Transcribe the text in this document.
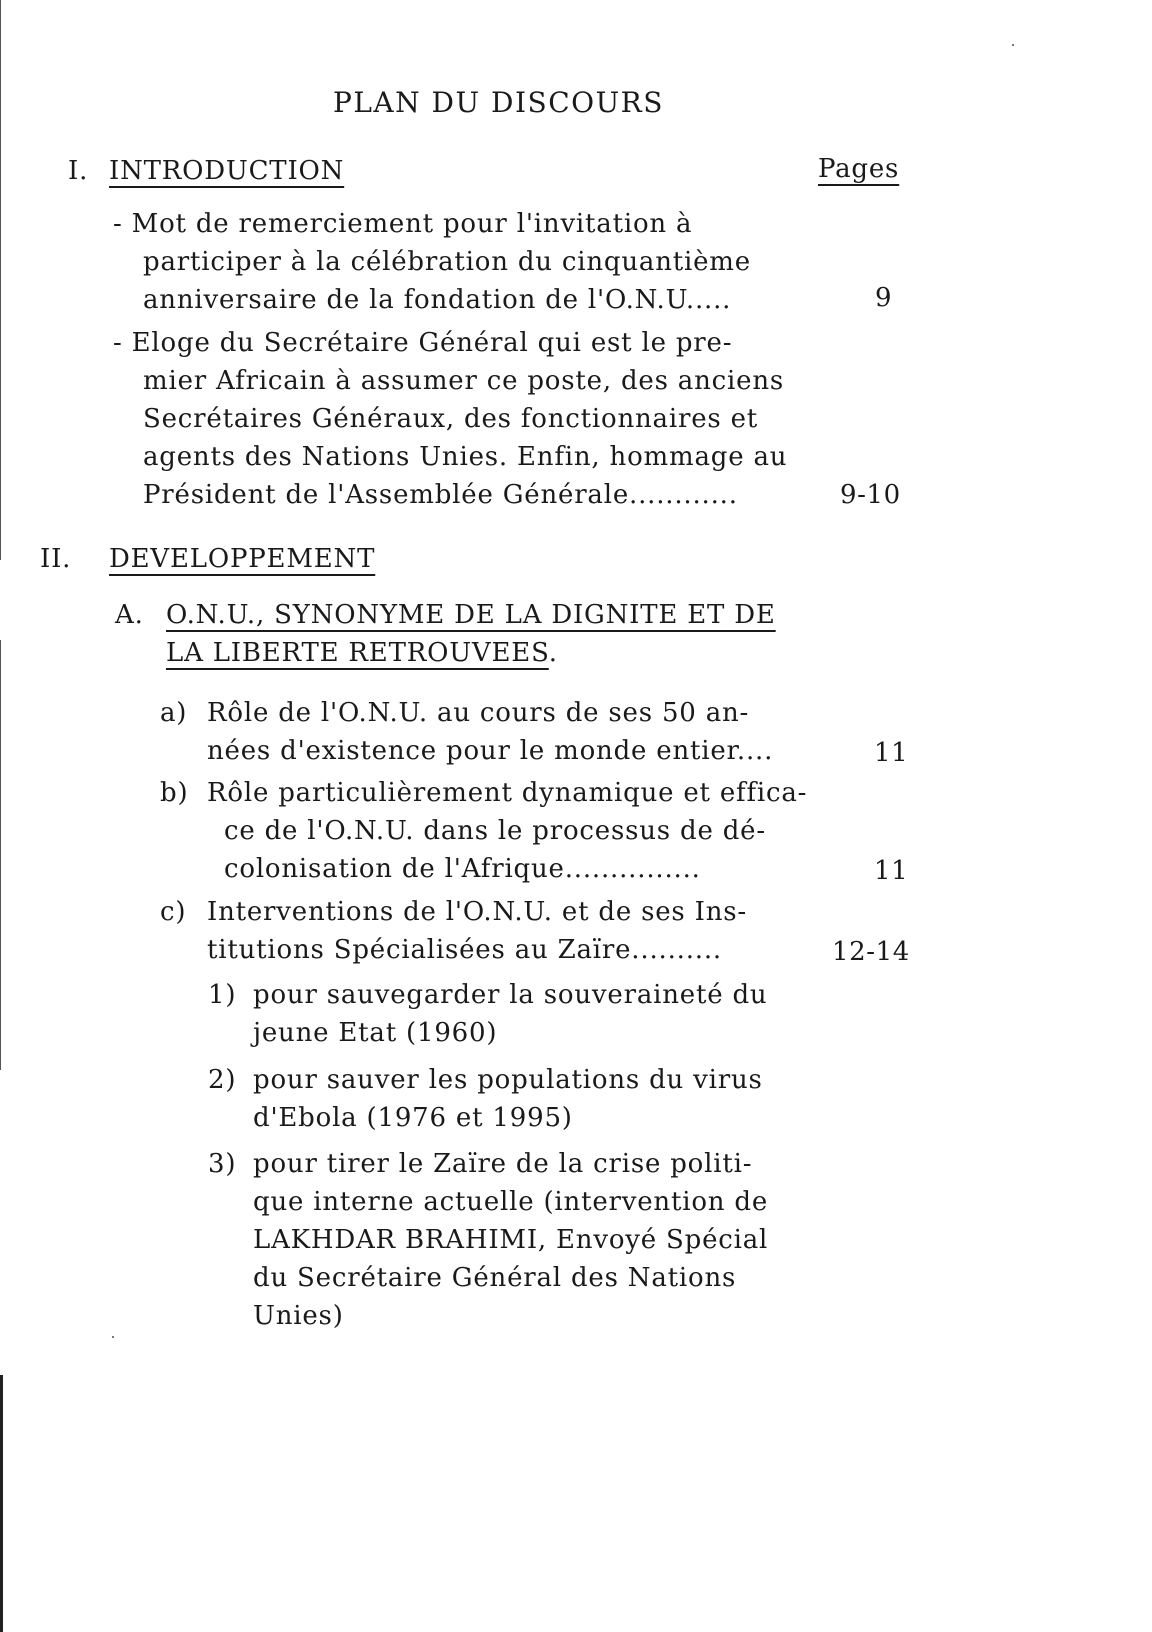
PLAN DU DISCOURS
I. INTRODUCTION	Pages
- Mot de remerciement pour l'invitation à
participer à la célébration du cinquantième
anniversaire de la fondation de l'O.N.U.....	9
- Eloge du Secrétaire Général qui est le pre-
mier Africain à assumer ce poste, des anciens
Secrétaires Généraux, des fonctionnaires et
agents des Nations Unies. Enfin, hommage au
Président de l'Assemblée Générale............	9-10
II. DEVELOPPEMENT
A. O.N.U., SYNONYME DE LA DIGNITE ET DE
LA LIBERTE RETROUVEES.
a) Rôle de l'O.N.U. au cours de ses 50 an-
nées d'existence pour le monde entier....	11
b) Rôle particulièrement dynamique et effica-
ce de l'O.N.U. dans le processus de dé-
colonisation de l'Afrique...............	11
c) Interventions de l'O.N.U. et de ses Ins-
titutions Spécialisées au Zaïre..........	12-14
1) pour sauvegarder la souveraineté du
jeune Etat (1960)
2) pour sauver les populations du virus
d'Ebola (1976 et 1995)
3) pour tirer le Zaïre de la crise politi-
que interne actuelle (intervention de
LAKHDAR BRAHIMI, Envoyé Spécial
du Secrétaire Général des Nations
Unies)
